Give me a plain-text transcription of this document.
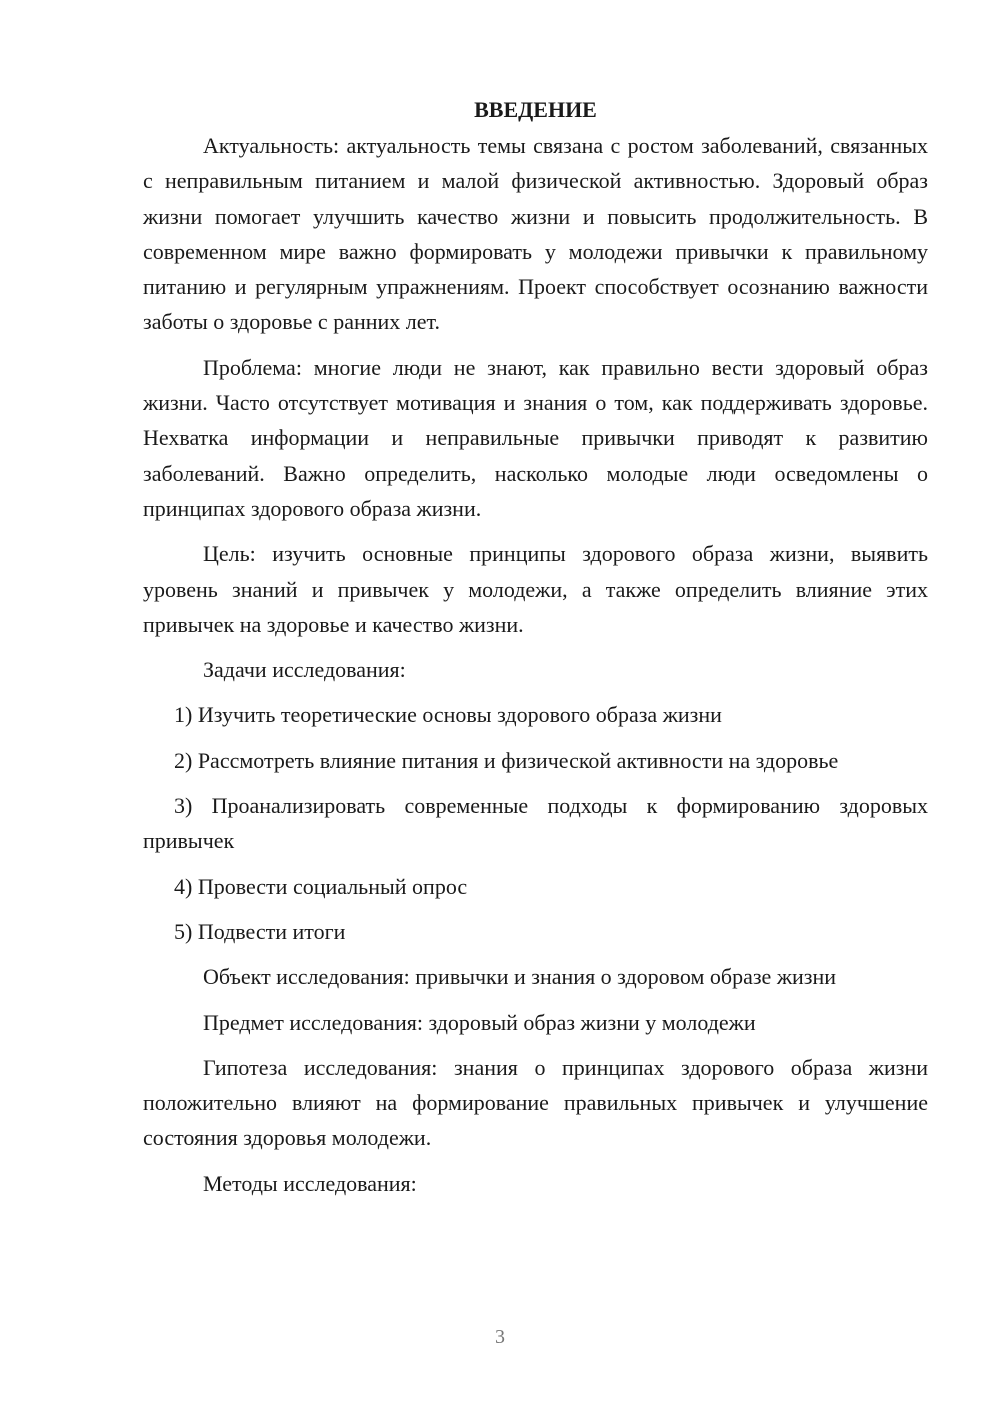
ВВЕДЕНИЕ

Актуальность: актуальность темы связана с ростом заболеваний, связанных с неправильным питанием и малой физической активностью. Здоровый образ жизни помогает улучшить качество жизни и повысить продолжительность. В современном мире важно формировать у молодежи привычки к правильному питанию и регулярным упражнениям. Проект способствует осознанию важности заботы о здоровье с ранних лет.

Проблема: многие люди не знают, как правильно вести здоровый образ жизни. Часто отсутствует мотивация и знания о том, как поддерживать здоровье. Нехватка информации и неправильные привычки приводят к развитию заболеваний. Важно определить, насколько молодые люди осведомлены о принципах здорового образа жизни.

Цель: изучить основные принципы здорового образа жизни, выявить уровень знаний и привычек у молодежи, а также определить влияние этих привычек на здоровье и качество жизни.

Задачи исследования:

1) Изучить теоретические основы здорового образа жизни

2) Рассмотреть влияние питания и физической активности на здоровье

3) Проанализировать современные подходы к формированию здоровых привычек

4) Провести социальный опрос

5) Подвести итоги

Объект исследования: привычки и знания о здоровом образе жизни

Предмет исследования: здоровый образ жизни у молодежи

Гипотеза исследования: знания о принципах здорового образа жизни положительно влияют на формирование правильных привычек и улучшение состояния здоровья молодежи.

Методы исследования:

3
